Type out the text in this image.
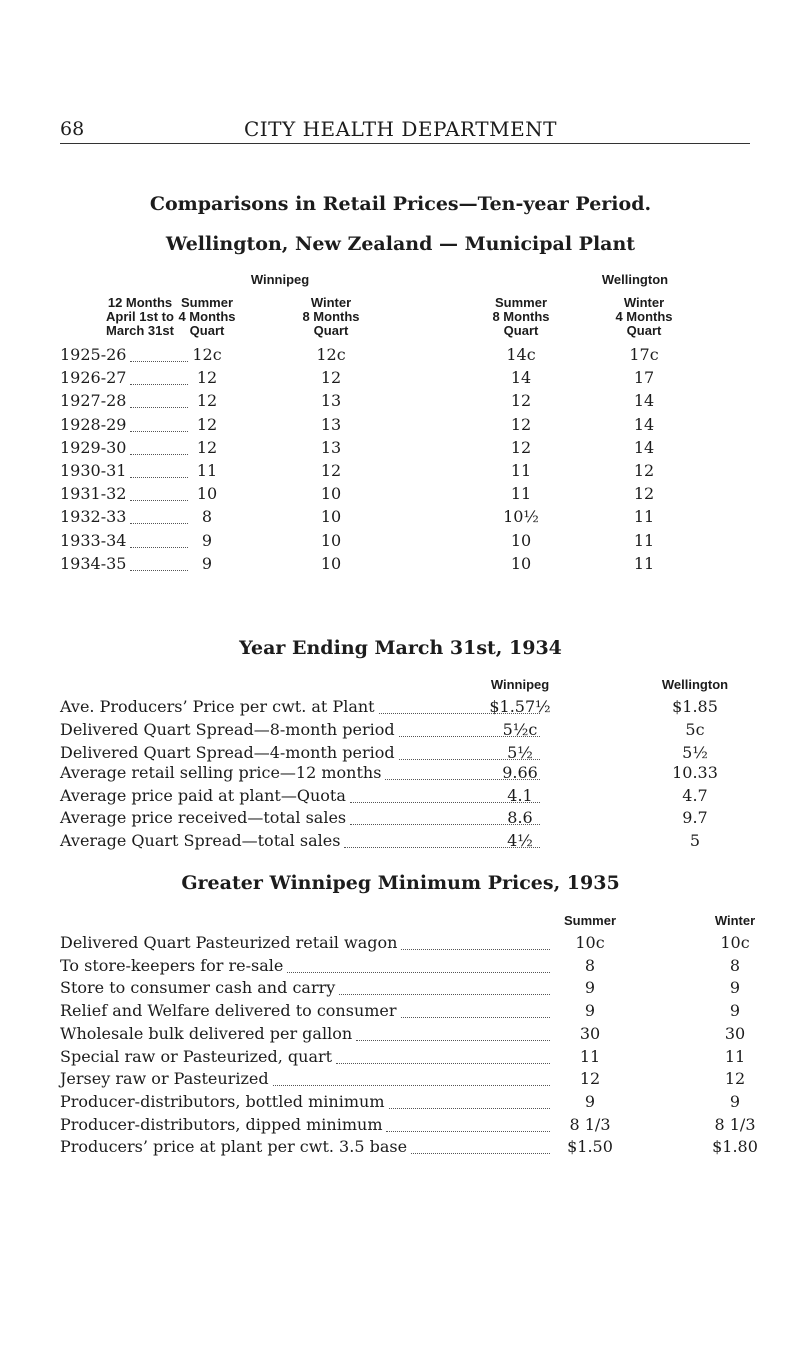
68	CITY HEALTH DEPARTMENT
Comparisons in Retail Prices—Ten-year Period.
Wellington, New Zealand — Municipal Plant
Winnipeg	Wellington
12 Months
April 1st to
March 31st
Summer
4 Months
Quart
Winter
8 Months
Quart
Summer
8 Months
Quart
Winter
4 Months
Quart
1925-26	12c	12c	14c	17c
1926-27	12	12	14	17
1927-28	12	13	12	14
1928-29	12	13	12	14
1929-30	12	13	12	14
1930-31	11	12	11	12
1931-32	10	10	11	12
1932-33	8	10	10½	11
1933-34	9	10	10	11
1934-35	9	10	10	11
Year Ending March 31st, 1934
Winnipeg	Wellington
Ave. Producers’ Price per cwt. at Plant	$1.57½	$1.85
Delivered Quart Spread—8-month period	5½c	5c
Delivered Quart Spread—4-month period	5½	5½
Average retail selling price—12 months	9.66	10.33
Average price paid at plant—Quota	4.1	4.7
Average price received—total sales	8.6	9.7
Average Quart Spread—total sales	4½	5
Greater Winnipeg Minimum Prices, 1935
Summer	Winter
Delivered Quart Pasteurized retail wagon	10c	10c
To store-keepers for re-sale	8	8
Store to consumer cash and carry	9	9
Relief and Welfare delivered to consumer	9	9
Wholesale bulk delivered per gallon	30	30
Special raw or Pasteurized, quart	11	11
Jersey raw or Pasteurized	12	12
Producer-distributors, bottled minimum	9	9
Producer-distributors, dipped minimum	8 1/3	8 1/3
Producers’ price at plant per cwt. 3.5 base	$1.50	$1.80
